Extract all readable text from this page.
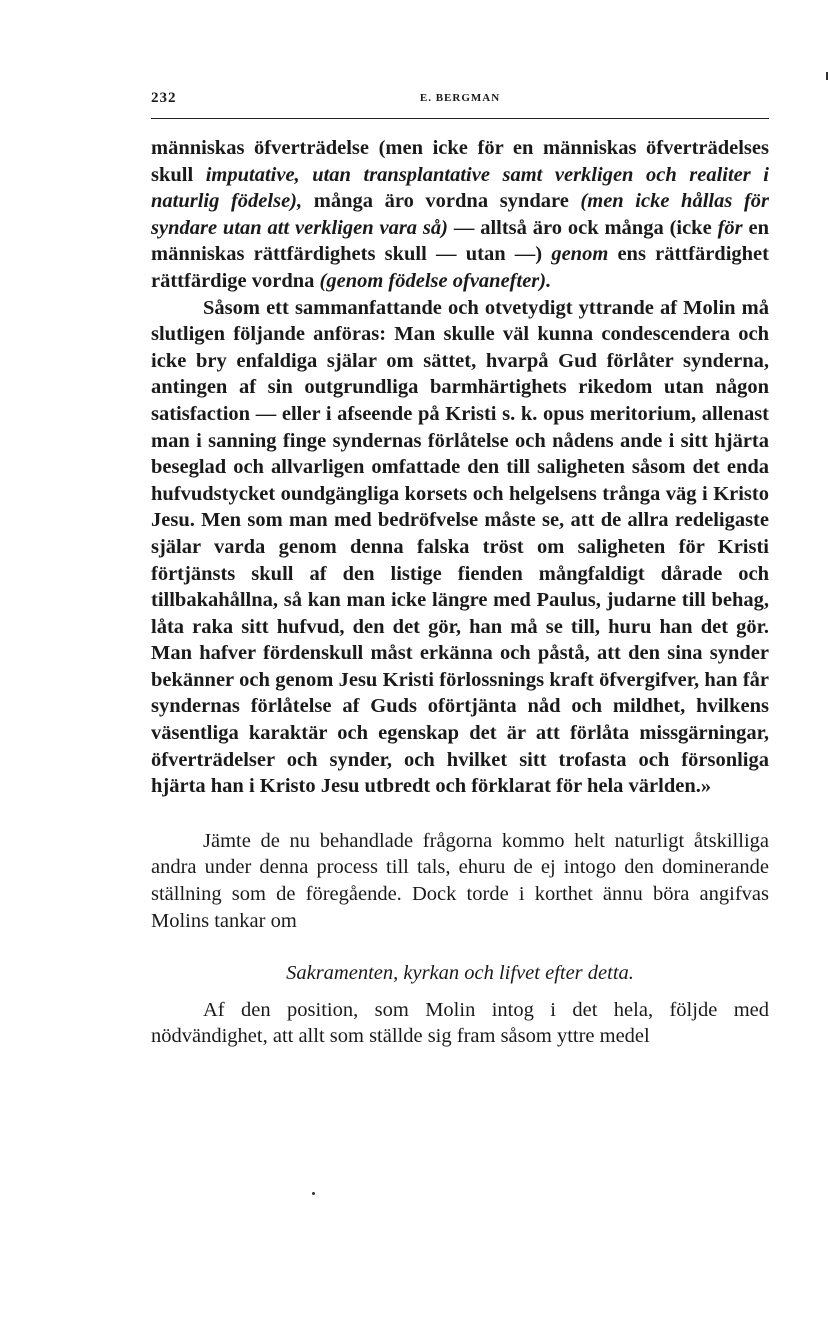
232	E. BERGMAN

människas öfverträdelse (men icke för en människas öfverträdelses skull imputative, utan transplantative samt verkligen och realiter i naturlig födelse), många äro vordna syndare (men icke hållas för syndare utan att verkligen vara så) — alltså äro ock många (icke för en människas rättfärdighets skull — utan —) genom ens rättfärdighet rättfärdige vordna (genom födelse ofvanefter).

Såsom ett sammanfattande och otvetydigt yttrande af Molin må slutligen följande anföras: Man skulle väl kunna condescendera och icke bry enfaldiga själar om sättet, hvarpå Gud förlåter synderna, antingen af sin outgrundliga barmhärtighets rikedom utan någon satisfaction — eller i afseende på Kristi s. k. opus meritorium, allenast man i sanning finge syndernas förlåtelse och nådens ande i sitt hjärta beseglad och allvarligen omfattade den till saligheten såsom det enda hufvudstycket oundgängliga korsets och helgelsens trånga väg i Kristo Jesu. Men som man med bedröfvelse måste se, att de allra redeligaste själar varda genom denna falska tröst om saligheten för Kristi förtjänsts skull af den listige fienden mångfaldigt dårade och tillbakahållna, så kan man icke längre med Paulus, judarne till behag, låta raka sitt hufvud, den det gör, han må se till, huru han det gör. Man hafver fördenskull måst erkänna och påstå, att den sina synder bekänner och genom Jesu Kristi förlossnings kraft öfvergifver, han får syndernas förlåtelse af Guds oförtjänta nåd och mildhet, hvilkens väsentliga karaktär och egenskap det är att förlåta missgärningar, öfverträdelser och synder, och hvilket sitt trofasta och försonliga hjärta han i Kristo Jesu utbredt och förklarat för hela världen.»

Jämte de nu behandlade frågorna kommo helt naturligt åtskilliga andra under denna process till tals, ehuru de ej intogo den dominerande ställning som de föregående. Dock torde i korthet ännu böra angifvas Molins tankar om

Sakramenten, kyrkan och lifvet efter detta.

Af den position, som Molin intog i det hela, följde med nödvändighet, att allt som ställde sig fram såsom yttre medel
